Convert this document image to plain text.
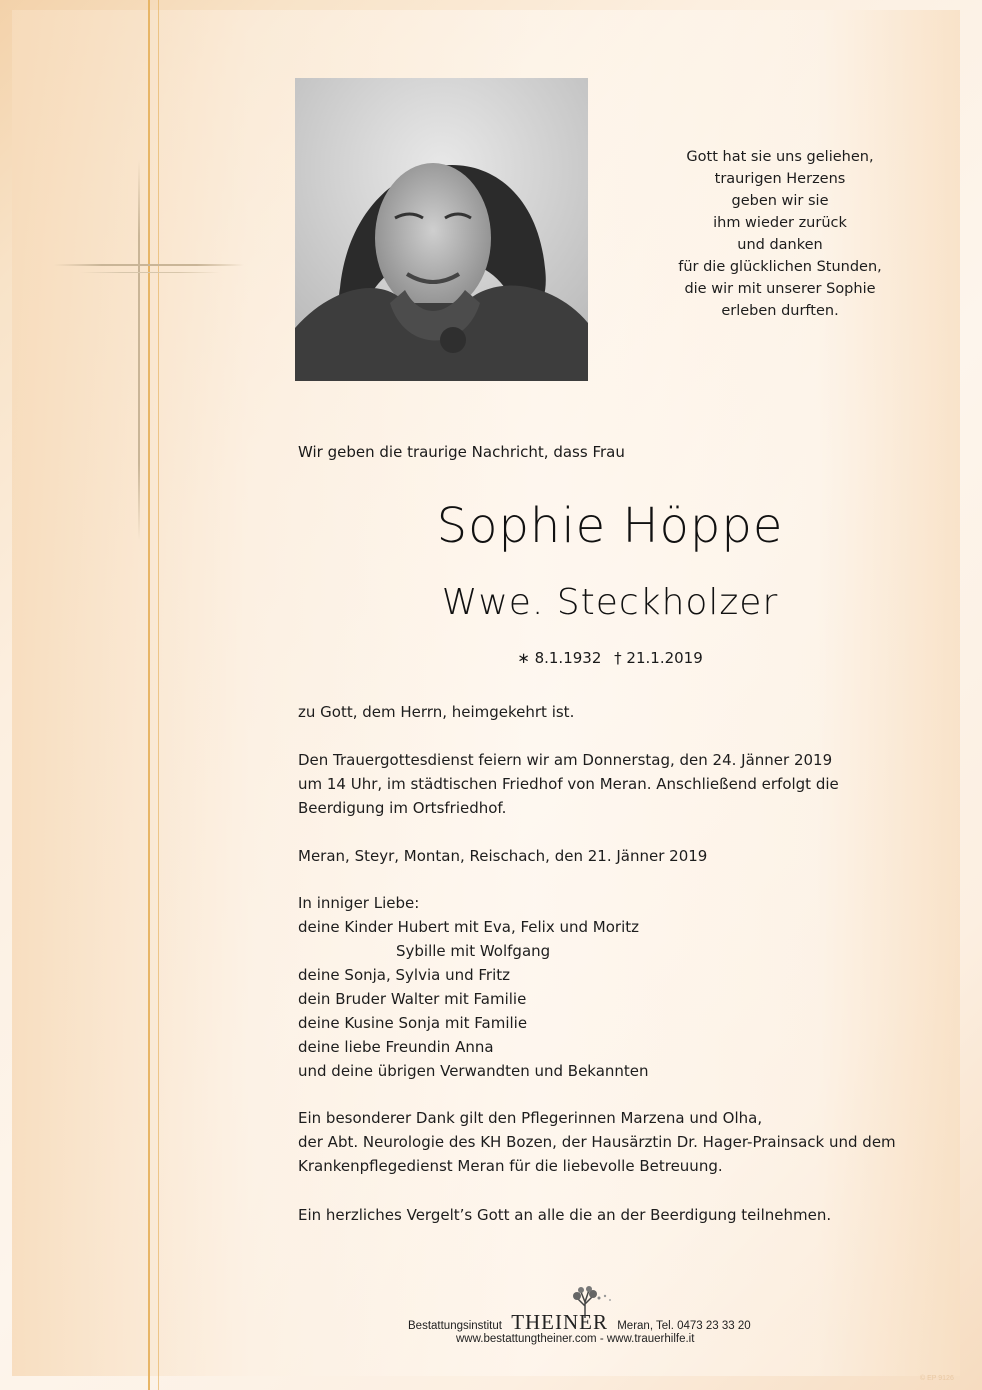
Gott hat sie uns geliehen,
traurigen Herzens
geben wir sie
ihm wieder zurück
und danken
für die glücklichen Stunden,
die wir mit unserer Sophie
erleben durften.
Wir geben die traurige Nachricht, dass Frau
Sophie Höppe
Wwe. Steckholzer
∗ 8.1.1932 † 21.1.2019
zu Gott, dem Herrn, heimgekehrt ist.
Den Trauergottesdienst feiern wir am Donnerstag, den 24. Jänner 2019
um 14 Uhr, im städtischen Friedhof von Meran. Anschließend erfolgt die
Beerdigung im Ortsfriedhof.
Meran, Steyr, Montan, Reischach, den 21. Jänner 2019
In inniger Liebe:
deine Kinder Hubert mit Eva, Felix und Moritz
Sybille mit Wolfgang
deine Sonja, Sylvia und Fritz
dein Bruder Walter mit Familie
deine Kusine Sonja mit Familie
deine liebe Freundin Anna
und deine übrigen Verwandten und Bekannten
Ein besonderer Dank gilt den Pflegerinnen Marzena und Olha,
der Abt. Neurologie des KH Bozen, der Hausärztin Dr. Hager-Prainsack und dem
Krankenpflegedienst Meran für die liebevolle Betreuung.
Ein herzliches Vergelt’s Gott an alle die an der Beerdigung teilnehmen.
Bestattungsinstitut THEINER Meran, Tel. 0473 23 33 20
www.bestattungtheiner.com - www.trauerhilfe.it
© EP 9126
